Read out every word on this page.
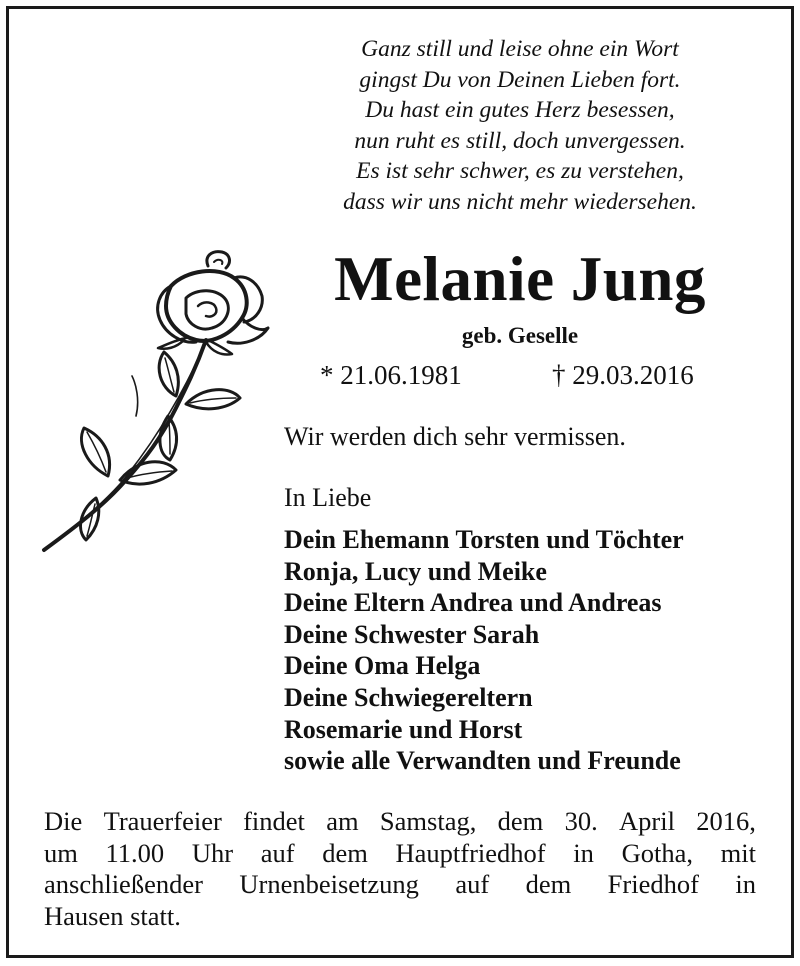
Ganz still und leise ohne ein Wort
gingst Du von Deinen Lieben fort.
Du hast ein gutes Herz besessen,
nun ruht es still, doch unvergessen.
Es ist sehr schwer, es zu verstehen,
dass wir uns nicht mehr wiedersehen.
Melanie Jung
geb. Geselle
* 21.06.1981	† 29.03.2016
Wir werden dich sehr vermissen.
In Liebe
Dein Ehemann Torsten und Töchter
Ronja, Lucy und Meike
Deine Eltern Andrea und Andreas
Deine Schwester Sarah
Deine Oma Helga
Deine Schwiegereltern
Rosemarie und Horst
sowie alle Verwandten und Freunde
Die Trauerfeier findet am Samstag, dem 30. April 2016,
um 11.00 Uhr auf dem Hauptfriedhof in Gotha, mit
anschließender Urnenbeisetzung auf dem Friedhof in
Hausen statt.
